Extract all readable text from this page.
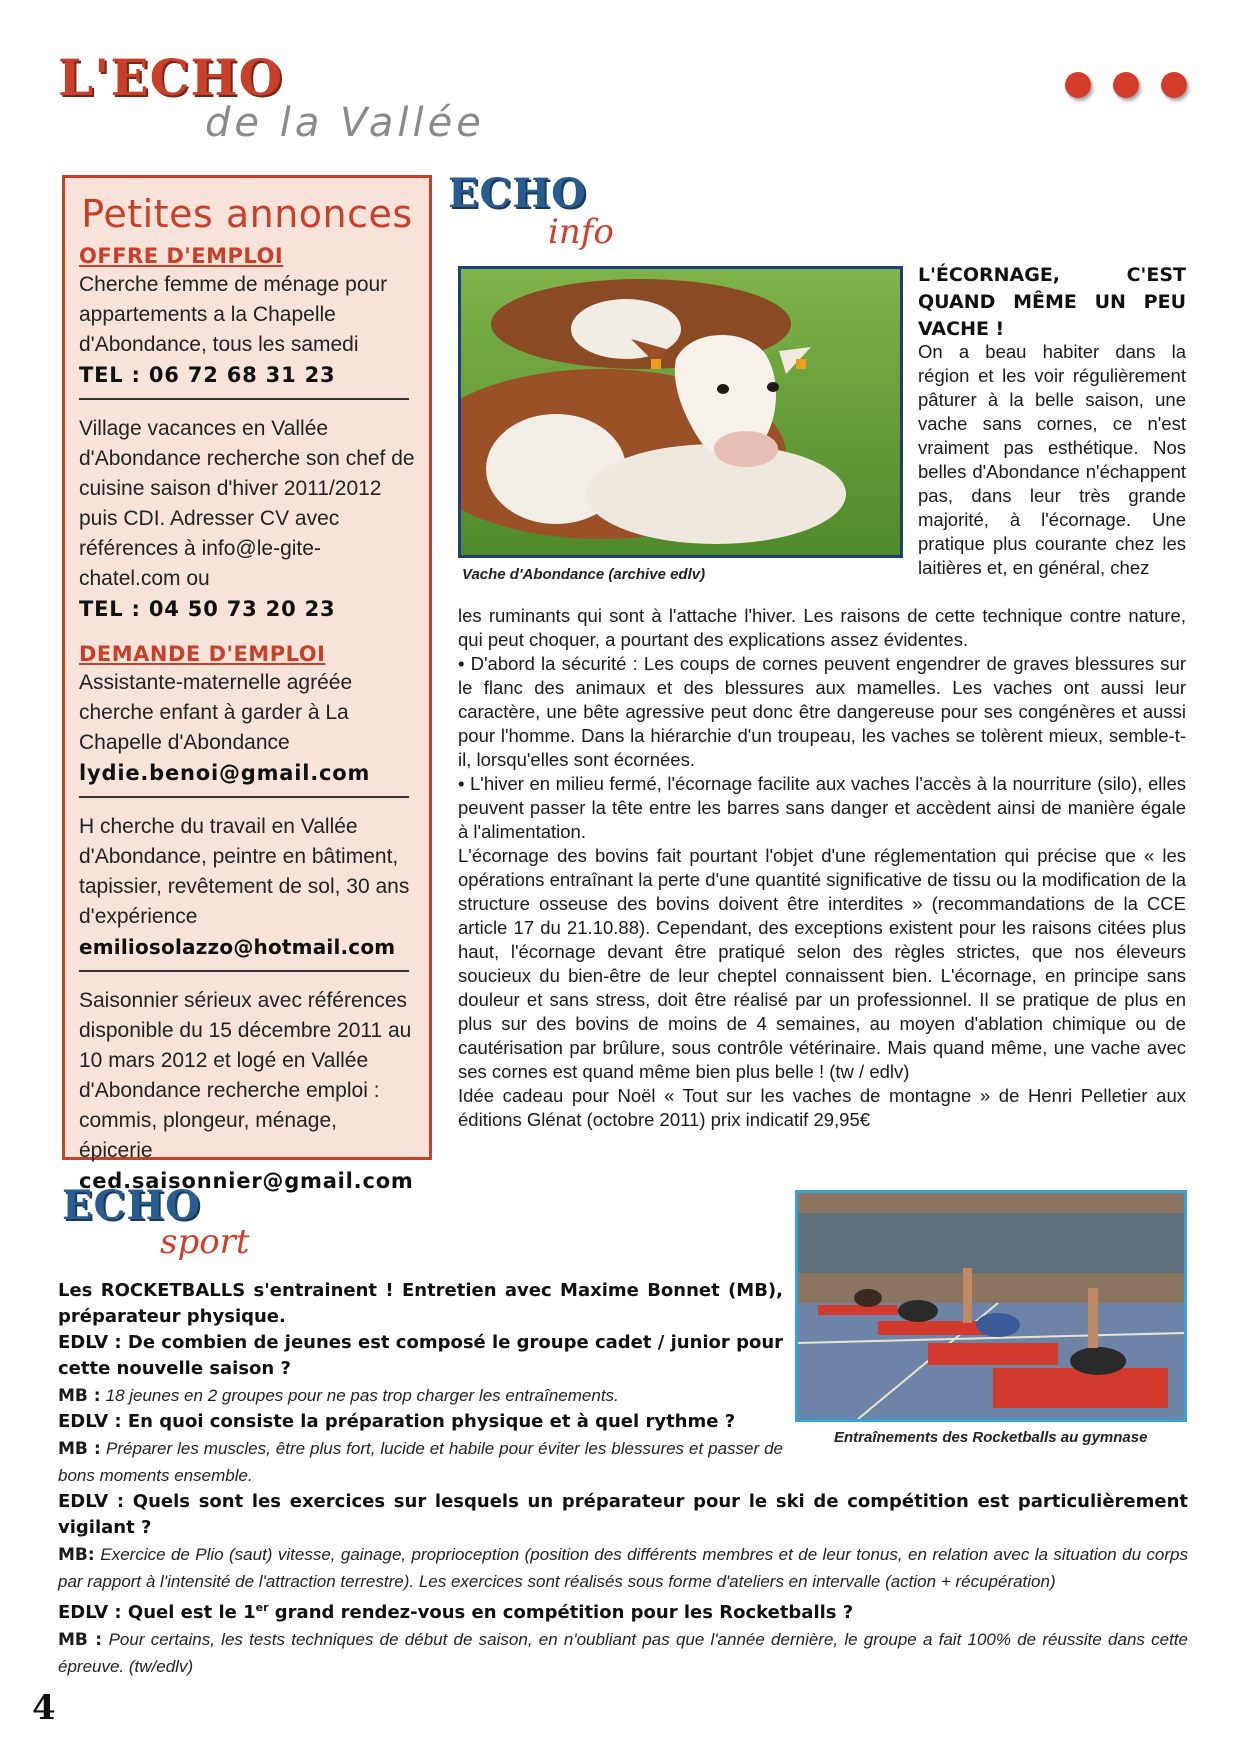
L'ECHO
de la Vallée
Petites annonces
OFFRE D'EMPLOI
Cherche femme de ménage pour appartements a la Chapelle d'Abondance, tous les samedi
TEL : 06 72 68 31 23
Village vacances en Vallée d'Abondance recherche son chef de cuisine saison d'hiver 2011/2012 puis CDI. Adresser CV avec références à info@le-gite-chatel.com ou
TEL : 04 50 73 20 23
DEMANDE D'EMPLOI
Assistante-maternelle agréée cherche enfant à garder à La Chapelle d'Abondance
lydie.benoi@gmail.com
H cherche du travail en Vallée d'Abondance, peintre en bâtiment, tapissier, revêtement de sol, 30 ans d'expérience
emiliosolazzo@hotmail.com
Saisonnier sérieux avec références disponible du 15 décembre 2011 au 10 mars 2012 et logé en Vallée d'Abondance recherche emploi : commis, plongeur, ménage, épicerie
ced.saisonnier@gmail.com
ECHO
info
Vache d'Abondance (archive edlv)
L'ÉCORNAGE, C'EST QUAND MÊME UN PEU VACHE !
On a beau habiter dans la région et les voir régulièrement pâturer à la belle saison, une vache sans cornes, ce n'est vraiment pas esthétique. Nos belles d'Abondance n'échappent pas, dans leur très grande majorité, à l'écornage. Une pratique plus courante chez les laitières et, en général, chez

les ruminants qui sont à l'attache l'hiver. Les raisons de cette technique contre nature, qui peut choquer, a pourtant des explications assez évidentes.

• D'abord la sécurité : Les coups de cornes peuvent engendrer de graves blessures sur le flanc des animaux et des blessures aux mamelles. Les vaches ont aussi leur caractère, une bête agressive peut donc être dangereuse pour ses congénères et aussi pour l'homme. Dans la hiérarchie d'un troupeau, les vaches se tolèrent mieux, semble-t-il, lorsqu'elles sont écornées.

• L'hiver en milieu fermé, l'écornage facilite aux vaches l'accès à la nourriture (silo), elles peuvent passer la tête entre les barres sans danger et accèdent ainsi de manière égale à l'alimentation.

L'écornage des bovins fait pourtant l'objet d'une réglementation qui précise que « les opérations entraînant la perte d'une quantité significative de tissu ou la modification de la structure osseuse des bovins doivent être interdites » (recommandations de la CCE article 17 du 21.10.88). Cependant, des exceptions existent pour les raisons citées plus haut, l'écornage devant être pratiqué selon des règles strictes, que nos éleveurs soucieux du bien-être de leur cheptel connaissent bien. L'écornage, en principe sans douleur et sans stress, doit être réalisé par un professionnel. Il se pratique de plus en plus sur des bovins de moins de 4 semaines, au moyen d'ablation chimique ou de cautérisation par brûlure, sous contrôle vétérinaire. Mais quand même, une vache avec ses cornes est quand même bien plus belle ! (tw / edlv)

Idée cadeau pour Noël « Tout sur les vaches de montagne » de Henri Pelletier aux éditions Glénat (octobre 2011) prix indicatif 29,95€

ECHO
sport
Entraînements des Rocketballs au gymnase

Les ROCKETBALLS s'entrainent ! Entretien avec Maxime Bonnet (MB), préparateur physique.

EDLV : De combien de jeunes est composé le groupe cadet / junior pour cette nouvelle saison ?

MB : 18 jeunes en 2 groupes pour ne pas trop charger les entraînements.

EDLV : En quoi consiste la préparation physique et à quel rythme ?

MB : Préparer les muscles, être plus fort, lucide et habile pour éviter les blessures et passer de bons moments ensemble.

EDLV : Quels sont les exercices sur lesquels un préparateur pour le ski de compétition est particulièrement vigilant ?

MB: Exercice de Plio (saut) vitesse, gainage, proprioception (position des différents membres et de leur tonus, en relation avec la situation du corps par rapport à l'intensité de l'attraction terrestre). Les exercices sont réalisés sous forme d'ateliers en intervalle (action + récupération)

EDLV : Quel est le 1er grand rendez-vous en compétition pour les Rocketballs ?

MB : Pour certains, les tests techniques de début de saison, en n'oubliant pas que l'année dernière, le groupe a fait 100% de réussite dans cette épreuve. (tw/edlv)

4
